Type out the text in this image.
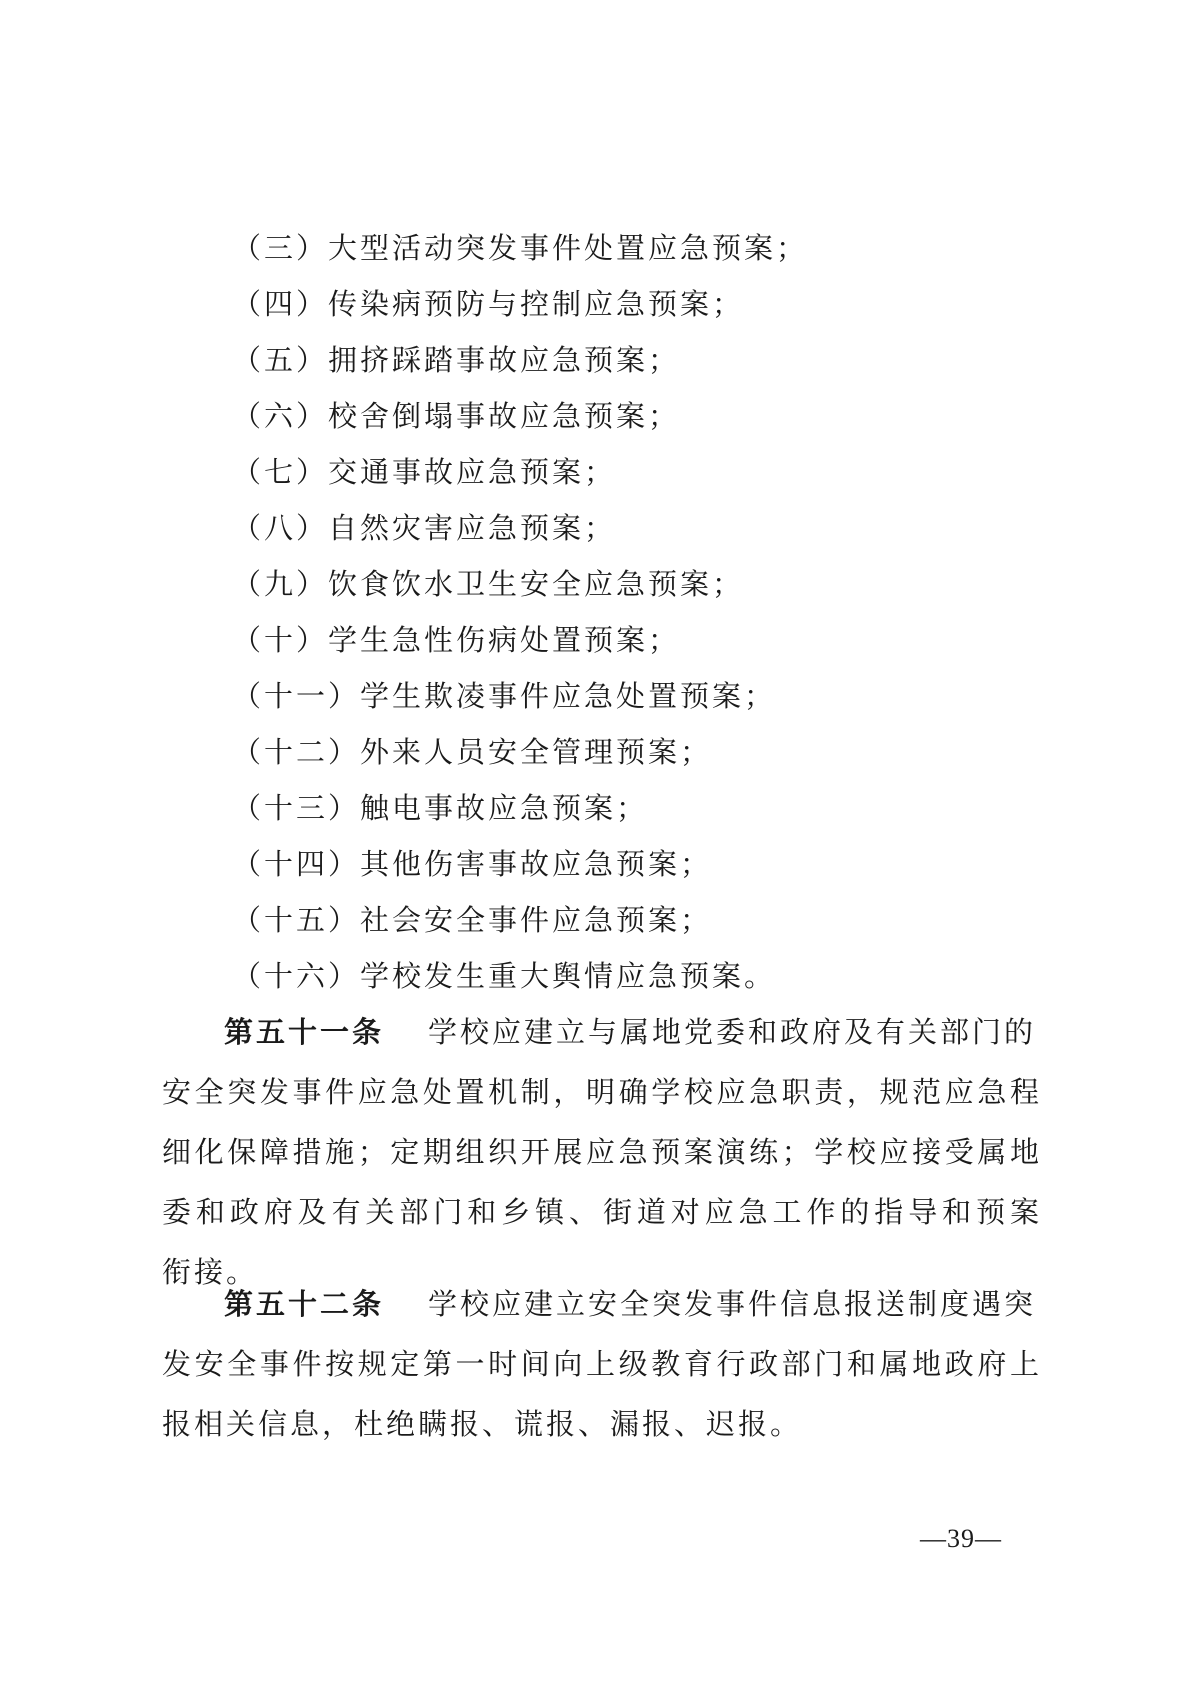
（三）大型活动突发事件处置应急预案；
（四）传染病预防与控制应急预案；
（五）拥挤踩踏事故应急预案；
（六）校舍倒塌事故应急预案；
（七）交通事故应急预案；
（八）自然灾害应急预案；
（九）饮食饮水卫生安全应急预案；
（十）学生急性伤病处置预案；
（十一）学生欺凌事件应急处置预案；
（十二）外来人员安全管理预案；
（十三）触电事故应急预案；
（十四）其他伤害事故应急预案；
（十五）社会安全事件应急预案；
（十六）学校发生重大舆情应急预案。
第五十一条 学校应建立与属地党委和政府及有关部门的
安全突发事件应急处置机制，明确学校应急职责，规范应急程
细化保障措施；定期组织开展应急预案演练；学校应接受属地
委和政府及有关部门和乡镇、街道对应急工作的指导和预案
衔接。
第五十二条 学校应建立安全突发事件信息报送制度遇突
发安全事件按规定第一时间向上级教育行政部门和属地政府上
报相关信息，杜绝瞒报、谎报、漏报、迟报。
—39—
